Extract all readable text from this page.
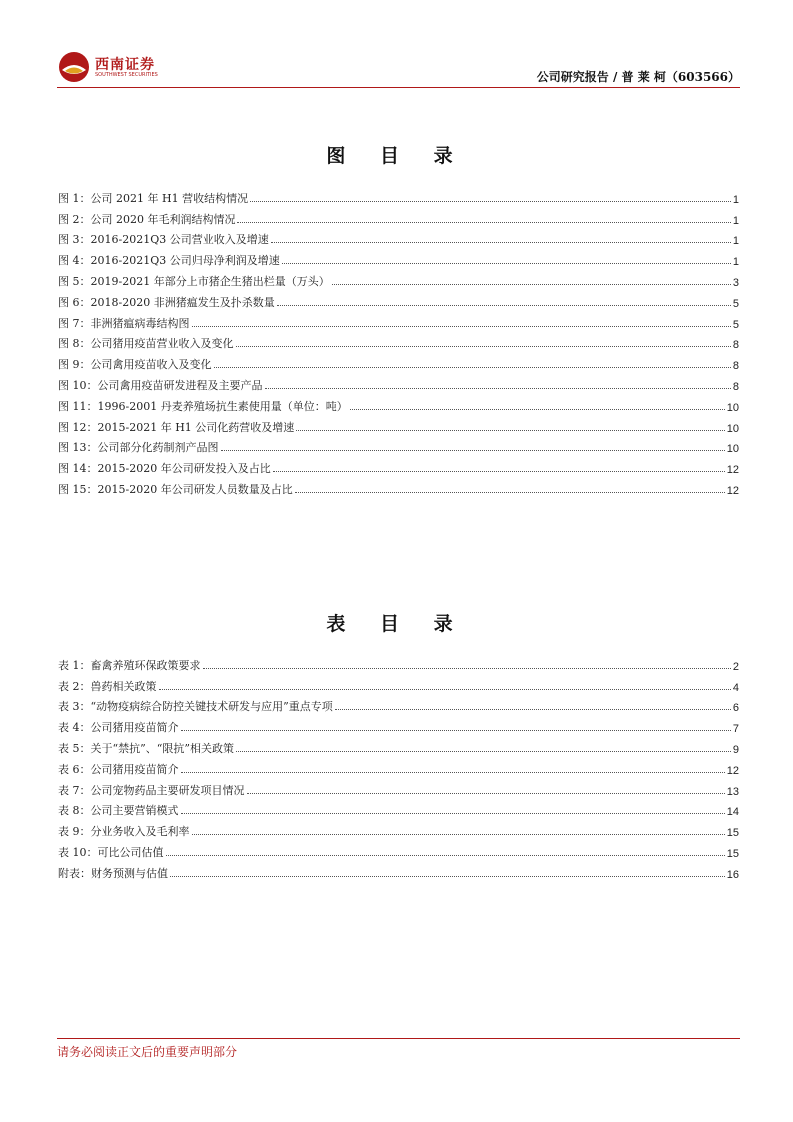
西南证券
SOUTHWEST SECURITIES	公司研究报告 / 普 莱 柯（603566）
图 目 录
图 1：公司 2021 年 H1 营收结构情况	1
图 2：公司 2020 年毛利润结构情况	1
图 3：2016-2021Q3 公司营业收入及增速	1
图 4：2016-2021Q3 公司归母净利润及增速	1
图 5：2019-2021 年部分上市猪企生猪出栏量（万头）	3
图 6：2018-2020 非洲猪瘟发生及扑杀数量	5
图 7：非洲猪瘟病毒结构图	5
图 8：公司猪用疫苗营业收入及变化	8
图 9：公司禽用疫苗收入及变化	8
图 10：公司禽用疫苗研发进程及主要产品	8
图 11：1996-2001 丹麦养殖场抗生素使用量（单位：吨）	10
图 12：2015-2021 年 H1 公司化药营收及增速	10
图 13：公司部分化药制剂产品图	10
图 14：2015-2020 年公司研发投入及占比	12
图 15：2015-2020 年公司研发人员数量及占比	12
表 目 录
表 1：畜禽养殖环保政策要求	2
表 2：兽药相关政策	4
表 3：“动物疫病综合防控关键技术研发与应用”重点专项	6
表 4：公司猪用疫苗简介	7
表 5：关于“禁抗”、“限抗”相关政策	9
表 6：公司猪用疫苗简介	12
表 7：公司宠物药品主要研发项目情况	13
表 8：公司主要营销模式	14
表 9：分业务收入及毛利率	15
表 10：可比公司估值	15
附表：财务预测与估值	16
请务必阅读正文后的重要声明部分
